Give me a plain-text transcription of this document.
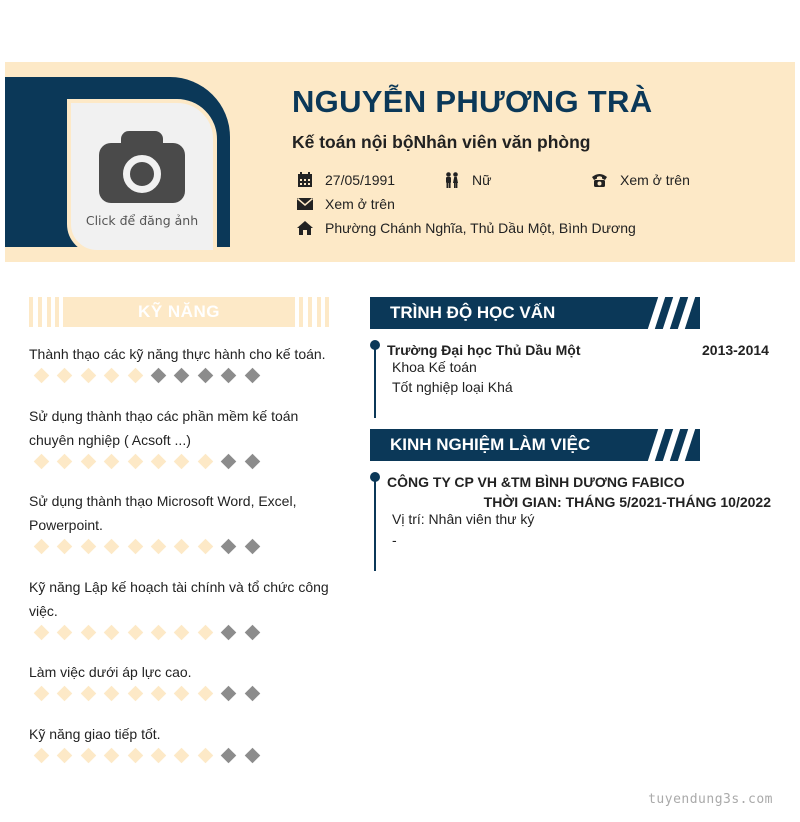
Click để đăng ảnh
NGUYỄN PHƯƠNG TRÀ
Kế toán nội bộNhân viên văn phòng
27/05/1991	Nữ	Xem ở trên
Xem ở trên
Phường Chánh Nghĩa, Thủ Dầu Một, Bình Dương
KỸ NĂNG
Thành thạo các kỹ năng thực hành cho kế toán.
Sử dụng thành thạo các phần mềm kế toán chuyên nghiệp ( Acsoft ...)
Sử dụng thành thạo Microsoft Word, Excel, Powerpoint.
Kỹ năng Lập kế hoạch tài chính và tổ chức công việc.
Làm việc dưới áp lực cao.
Kỹ năng giao tiếp tốt.
TRÌNH ĐỘ HỌC VẤN
Trường Đại học Thủ Dầu Một	2013-2014
Khoa Kế toán
Tốt nghiệp loại Khá
KINH NGHIỆM LÀM VIỆC
CÔNG TY CP VH &TM BÌNH DƯƠNG FABICO
THỜI GIAN: THÁNG 5/2021-THÁNG 10/2022
Vị trí: Nhân viên thư ký
-
tuyendung3s.com
